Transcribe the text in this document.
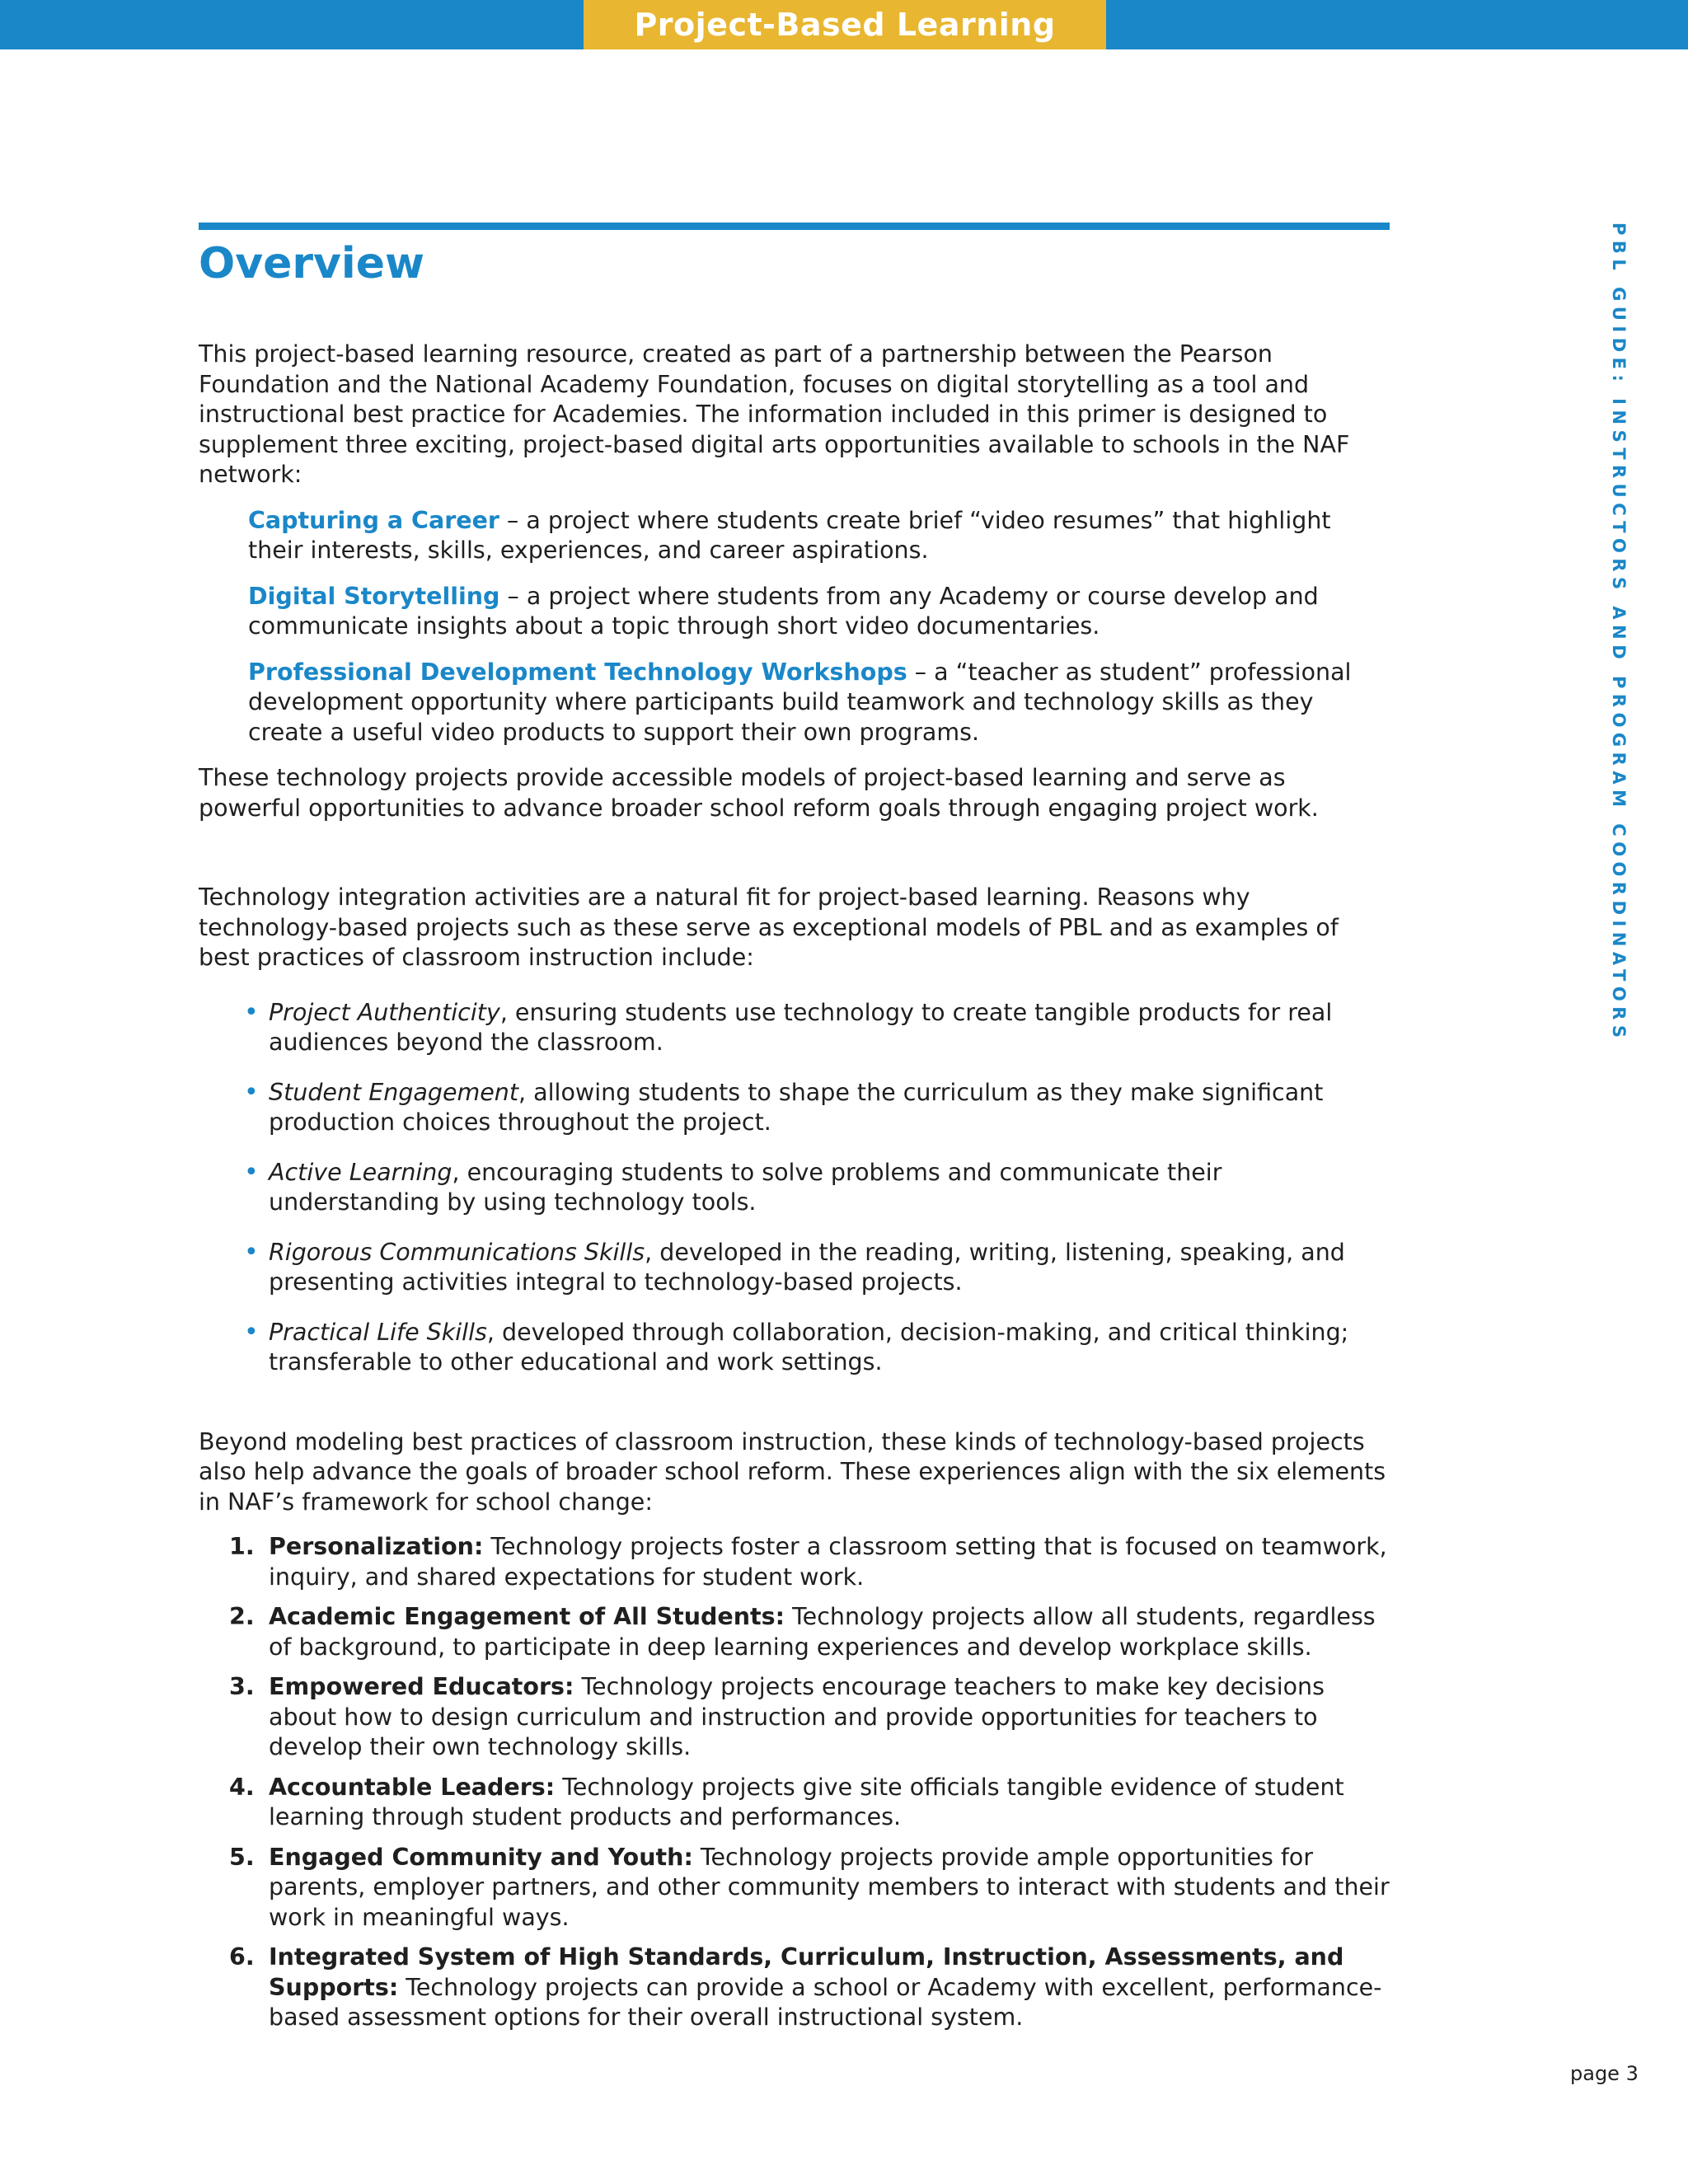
Project-Based Learning Guide
PBL GUIDE: INSTRUCTORS AND PROGRAM COORDINATORS
Overview

This project-based learning resource, created as part of a partnership between the Pearson Foundation and the National Academy Foundation, focuses on digital storytelling as a tool and instructional best practice for Academies. The information included in this primer is designed to supplement three exciting, project-based digital arts opportunities available to schools in the NAF network:

Capturing a Career – a project where students create brief “video resumes” that highlight their interests, skills, experiences, and career aspirations.

Digital Storytelling – a project where students from any Academy or course develop and communicate insights about a topic through short video documentaries.

Professional Development Technology Workshops – a “teacher as student” professional development opportunity where participants build teamwork and technology skills as they create a useful video products to support their own programs.

These technology projects provide accessible models of project-based learning and serve as powerful opportunities to advance broader school reform goals through engaging project work.

Technology integration activities are a natural fit for project-based learning. Reasons why technology-based projects such as these serve as exceptional models of PBL and as examples of best practices of classroom instruction include:

• Project Authenticity, ensuring students use technology to create tangible products for real audiences beyond the classroom.
• Student Engagement, allowing students to shape the curriculum as they make significant production choices throughout the project.
• Active Learning, encouraging students to solve problems and communicate their understanding by using technology tools.
• Rigorous Communications Skills, developed in the reading, writing, listening, speaking, and presenting activities integral to technology-based projects.
• Practical Life Skills, developed through collaboration, decision-making, and critical thinking; transferable to other educational and work settings.

Beyond modeling best practices of classroom instruction, these kinds of technology-based projects also help advance the goals of broader school reform. These experiences align with the six elements in NAF’s framework for school change:

1. Personalization: Technology projects foster a classroom setting that is focused on teamwork, inquiry, and shared expectations for student work.
2. Academic Engagement of All Students: Technology projects allow all students, regardless of background, to participate in deep learning experiences and develop workplace skills.
3. Empowered Educators: Technology projects encourage teachers to make key decisions about how to design curriculum and instruction and provide opportunities for teachers to develop their own technology skills.
4. Accountable Leaders: Technology projects give site officials tangible evidence of student learning through student products and performances.
5. Engaged Community and Youth: Technology projects provide ample opportunities for parents, employer partners, and other community members to interact with students and their work in meaningful ways.
6. Integrated System of High Standards, Curriculum, Instruction, Assessments, and Supports: Technology projects can provide a school or Academy with excellent, performance-based assessment options for their overall instructional system.
page 3
